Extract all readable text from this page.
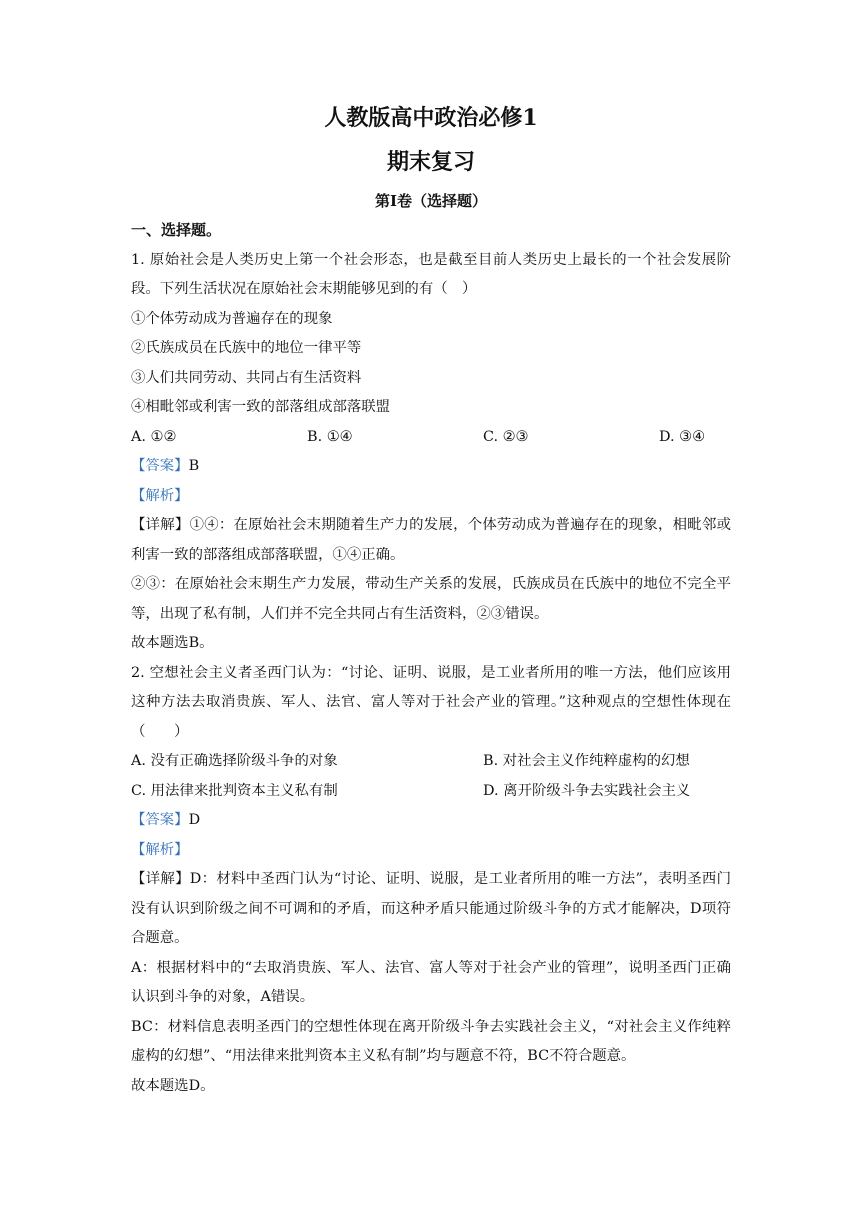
人教版高中政治必修1
期末复习
第Ⅰ卷（选择题）
一、选择题。
1. 原始社会是人类历史上第一个社会形态，也是截至目前人类历史上最长的一个社会发展阶段。下列生活状况在原始社会末期能够见到的有（　）
①个体劳动成为普遍存在的现象
②氏族成员在氏族中的地位一律平等
③人们共同劳动、共同占有生活资料
④相毗邻或利害一致的部落组成部落联盟
A. ①②	B. ①④	C. ②③	D. ③④
【答案】B
【解析】
【详解】①④：在原始社会末期随着生产力的发展，个体劳动成为普遍存在的现象，相毗邻或利害一致的部落组成部落联盟，①④正确。
②③：在原始社会末期生产力发展，带动生产关系的发展，氏族成员在氏族中的地位不完全平等，出现了私有制，人们并不完全共同占有生活资料，②③错误。
故本题选B。
2. 空想社会主义者圣西门认为：“讨论、证明、说服，是工业者所用的唯一方法，他们应该用这种方法去取消贵族、军人、法官、富人等对于社会产业的管理。”这种观点的空想性体现在（　　）
A. 没有正确选择阶级斗争的对象	B. 对社会主义作纯粹虚构的幻想
C. 用法律来批判资本主义私有制	D. 离开阶级斗争去实践社会主义
【答案】D
【解析】
【详解】D：材料中圣西门认为“讨论、证明、说服，是工业者所用的唯一方法”，表明圣西门没有认识到阶级之间不可调和的矛盾，而这种矛盾只能通过阶级斗争的方式才能解决，D项符合题意。
A：根据材料中的“去取消贵族、军人、法官、富人等对于社会产业的管理”，说明圣西门正确认识到斗争的对象，A错误。
BC：材料信息表明圣西门的空想性体现在离开阶级斗争去实践社会主义，“对社会主义作纯粹虚构的幻想”、“用法律来批判资本主义私有制”均与题意不符，BC不符合题意。
故本题选D。
